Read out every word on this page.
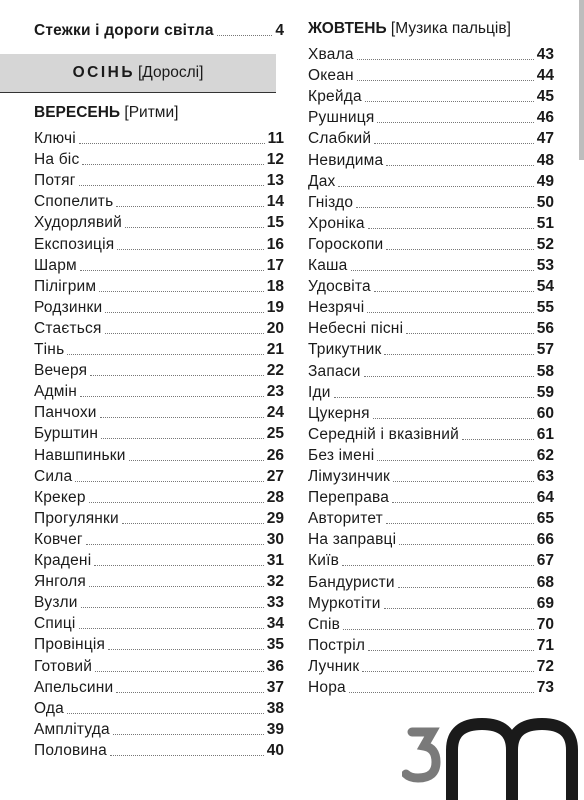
Стежки і дороги світла	4
ОСІНЬ [Дорослі]
ВЕРЕСЕНЬ [Ритми]
Ключі	11
На біс	12
Потяг	13
Спопелить	14
Худорлявий	15
Експозиція	16
Шарм	17
Пілігрим	18
Родзинки	19
Стається	20
Тінь	21
Вечеря	22
Адмін	23
Панчохи	24
Бурштин	25
Навшпиньки	26
Сила	27
Крекер	28
Прогулянки	29
Ковчег	30
Крадені	31
Янголя	32
Вузли	33
Спиці	34
Провінція	35
Готовий	36
Апельсини	37
Ода	38
Амплітуда	39
Половина	40
ЖОВТЕНЬ [Музика пальців]
Хвала	43
Океан	44
Крейда	45
Рушниця	46
Слабкий	47
Невидима	48
Дах	49
Гніздо	50
Хроніка	51
Гороскопи	52
Каша	53
Удосвіта	54
Незрячі	55
Небесні пісні	56
Трикутник	57
Запаси	58
Іди	59
Цукерня	60
Середній і вказівний	61
Без імені	62
Лімузинчик	63
Переправа	64
Авторитет	65
На заправці	66
Київ	67
Бандуристи	68
Муркотіти	69
Спів	70
Постріл	71
Лучник	72
Нора	73
